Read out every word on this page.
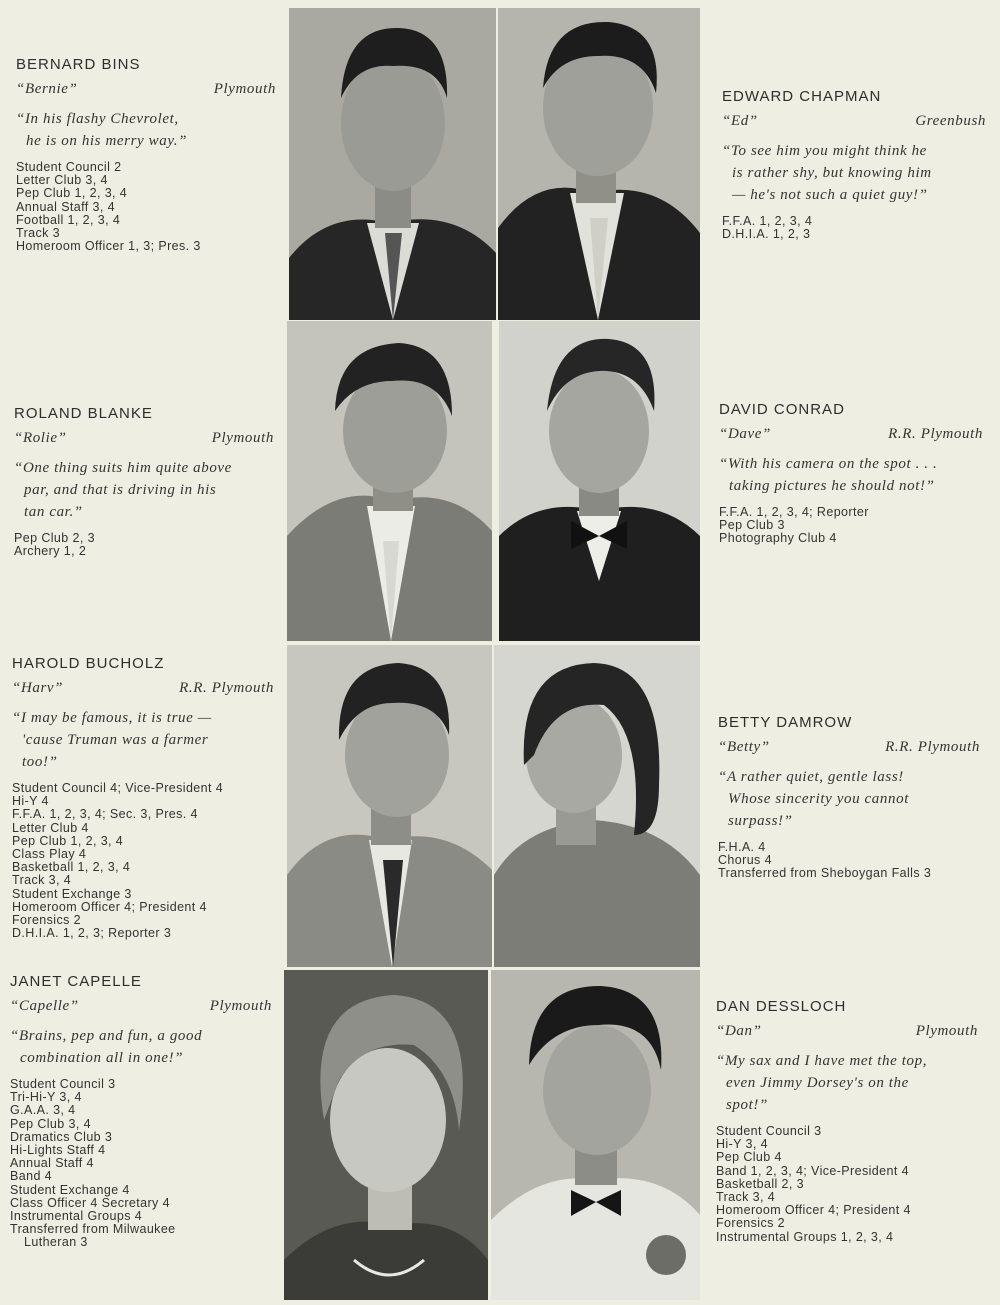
BERNARD BINS
“Bernie”	Plymouth
“In his flashy Chevrolet,
he is on his merry way.”
Student Council 2
Letter Club 3, 4
Pep Club 1, 2, 3, 4
Annual Staff 3, 4
Football 1, 2, 3, 4
Track 3
Homeroom Officer 1, 3; Pres. 3
ROLAND BLANKE
“Rolie”	Plymouth
“One thing suits him quite above
par, and that is driving in his
tan car.”
Pep Club 2, 3
Archery 1, 2
HAROLD BUCHOLZ
“Harv”	R.R. Plymouth
“I may be famous, it is true —
'cause Truman was a farmer
too!”
Student Council 4; Vice-President 4
Hi-Y 4
F.F.A. 1, 2, 3, 4; Sec. 3, Pres. 4
Letter Club 4
Pep Club 1, 2, 3, 4
Class Play 4
Basketball 1, 2, 3, 4
Track 3, 4
Student Exchange 3
Homeroom Officer 4; President 4
Forensics 2
D.H.I.A. 1, 2, 3; Reporter 3
JANET CAPELLE
“Capelle”	Plymouth
“Brains, pep and fun, a good
combination all in one!”
Student Council 3
Tri-Hi-Y 3, 4
G.A.A. 3, 4
Pep Club 3, 4
Dramatics Club 3
Hi-Lights Staff 4
Annual Staff 4
Band 4
Student Exchange 4
Class Officer 4 Secretary 4
Instrumental Groups 4
Transferred from Milwaukee
Lutheran 3
EDWARD CHAPMAN
“Ed”	Greenbush
“To see him you might think he
is rather shy, but knowing him
— he's not such a quiet guy!”
F.F.A. 1, 2, 3, 4
D.H.I.A. 1, 2, 3
DAVID CONRAD
“Dave”	R.R. Plymouth
“With his camera on the spot . . .
taking pictures he should not!”
F.F.A. 1, 2, 3, 4; Reporter
Pep Club 3
Photography Club 4
BETTY DAMROW
“Betty”	R.R. Plymouth
“A rather quiet, gentle lass!
Whose sincerity you cannot
surpass!”
F.H.A. 4
Chorus 4
Transferred from Sheboygan Falls 3
DAN DESSLOCH
“Dan”	Plymouth
“My sax and I have met the top,
even Jimmy Dorsey's on the
spot!”
Student Council 3
Hi-Y 3, 4
Pep Club 4
Band 1, 2, 3, 4; Vice-President 4
Basketball 2, 3
Track 3, 4
Homeroom Officer 4; President 4
Forensics 2
Instrumental Groups 1, 2, 3, 4
